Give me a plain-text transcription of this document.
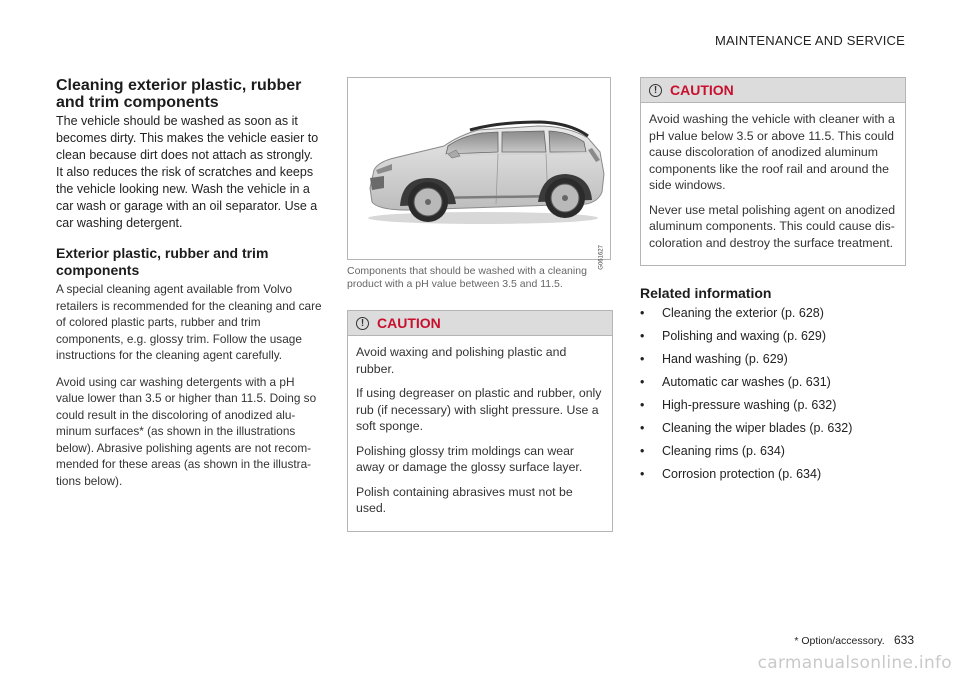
MAINTENANCE AND SERVICE
Cleaning exterior plastic, rubber and trim components

The vehicle should be washed as soon as it becomes dirty. This makes the vehicle easier to clean because dirt does not attach as strongly. It also reduces the risk of scratches and keeps the vehicle looking new. Wash the vehicle in a car wash or garage with an oil separator. Use a car washing detergent.

Exterior plastic, rubber and trim components

A special cleaning agent available from Volvo retailers is recommended for the cleaning and care of colored plastic parts, rubber and trim components, e.g. glossy trim. Follow the usage instructions for the cleaning agent carefully.

Avoid using car washing detergents with a pH value lower than 3.5 or higher than 11.5. Doing so could result in the discoloring of anodized alu-minum surfaces* (as shown in the illustrations below). Abrasive polishing agents are not recom-mended for these areas (as shown in the illustra-tions below).

G061627

Components that should be washed with a cleaning product with a pH value between 3.5 and 11.5.

! CAUTION

Avoid waxing and polishing plastic and rubber.

If using degreaser on plastic and rubber, only rub (if necessary) with slight pressure. Use a soft sponge.

Polishing glossy trim moldings can wear away or damage the glossy surface layer.

Polish containing abrasives must not be used.

! CAUTION

Avoid washing the vehicle with cleaner with a pH value below 3.5 or above 11.5. This could cause discoloration of anodized aluminum components like the roof rail and around the side windows.

Never use metal polishing agent on anodized aluminum components. This could cause dis-coloration and destroy the surface treatment.

Related information
•	Cleaning the exterior (p. 628)
•	Polishing and waxing (p. 629)
•	Hand washing (p. 629)
•	Automatic car washes (p. 631)
•	High-pressure washing (p. 632)
•	Cleaning the wiper blades (p. 632)
•	Cleaning rims (p. 634)
•	Corrosion protection (p. 634)
* Option/accessory. 633
carmanualsonline.info
